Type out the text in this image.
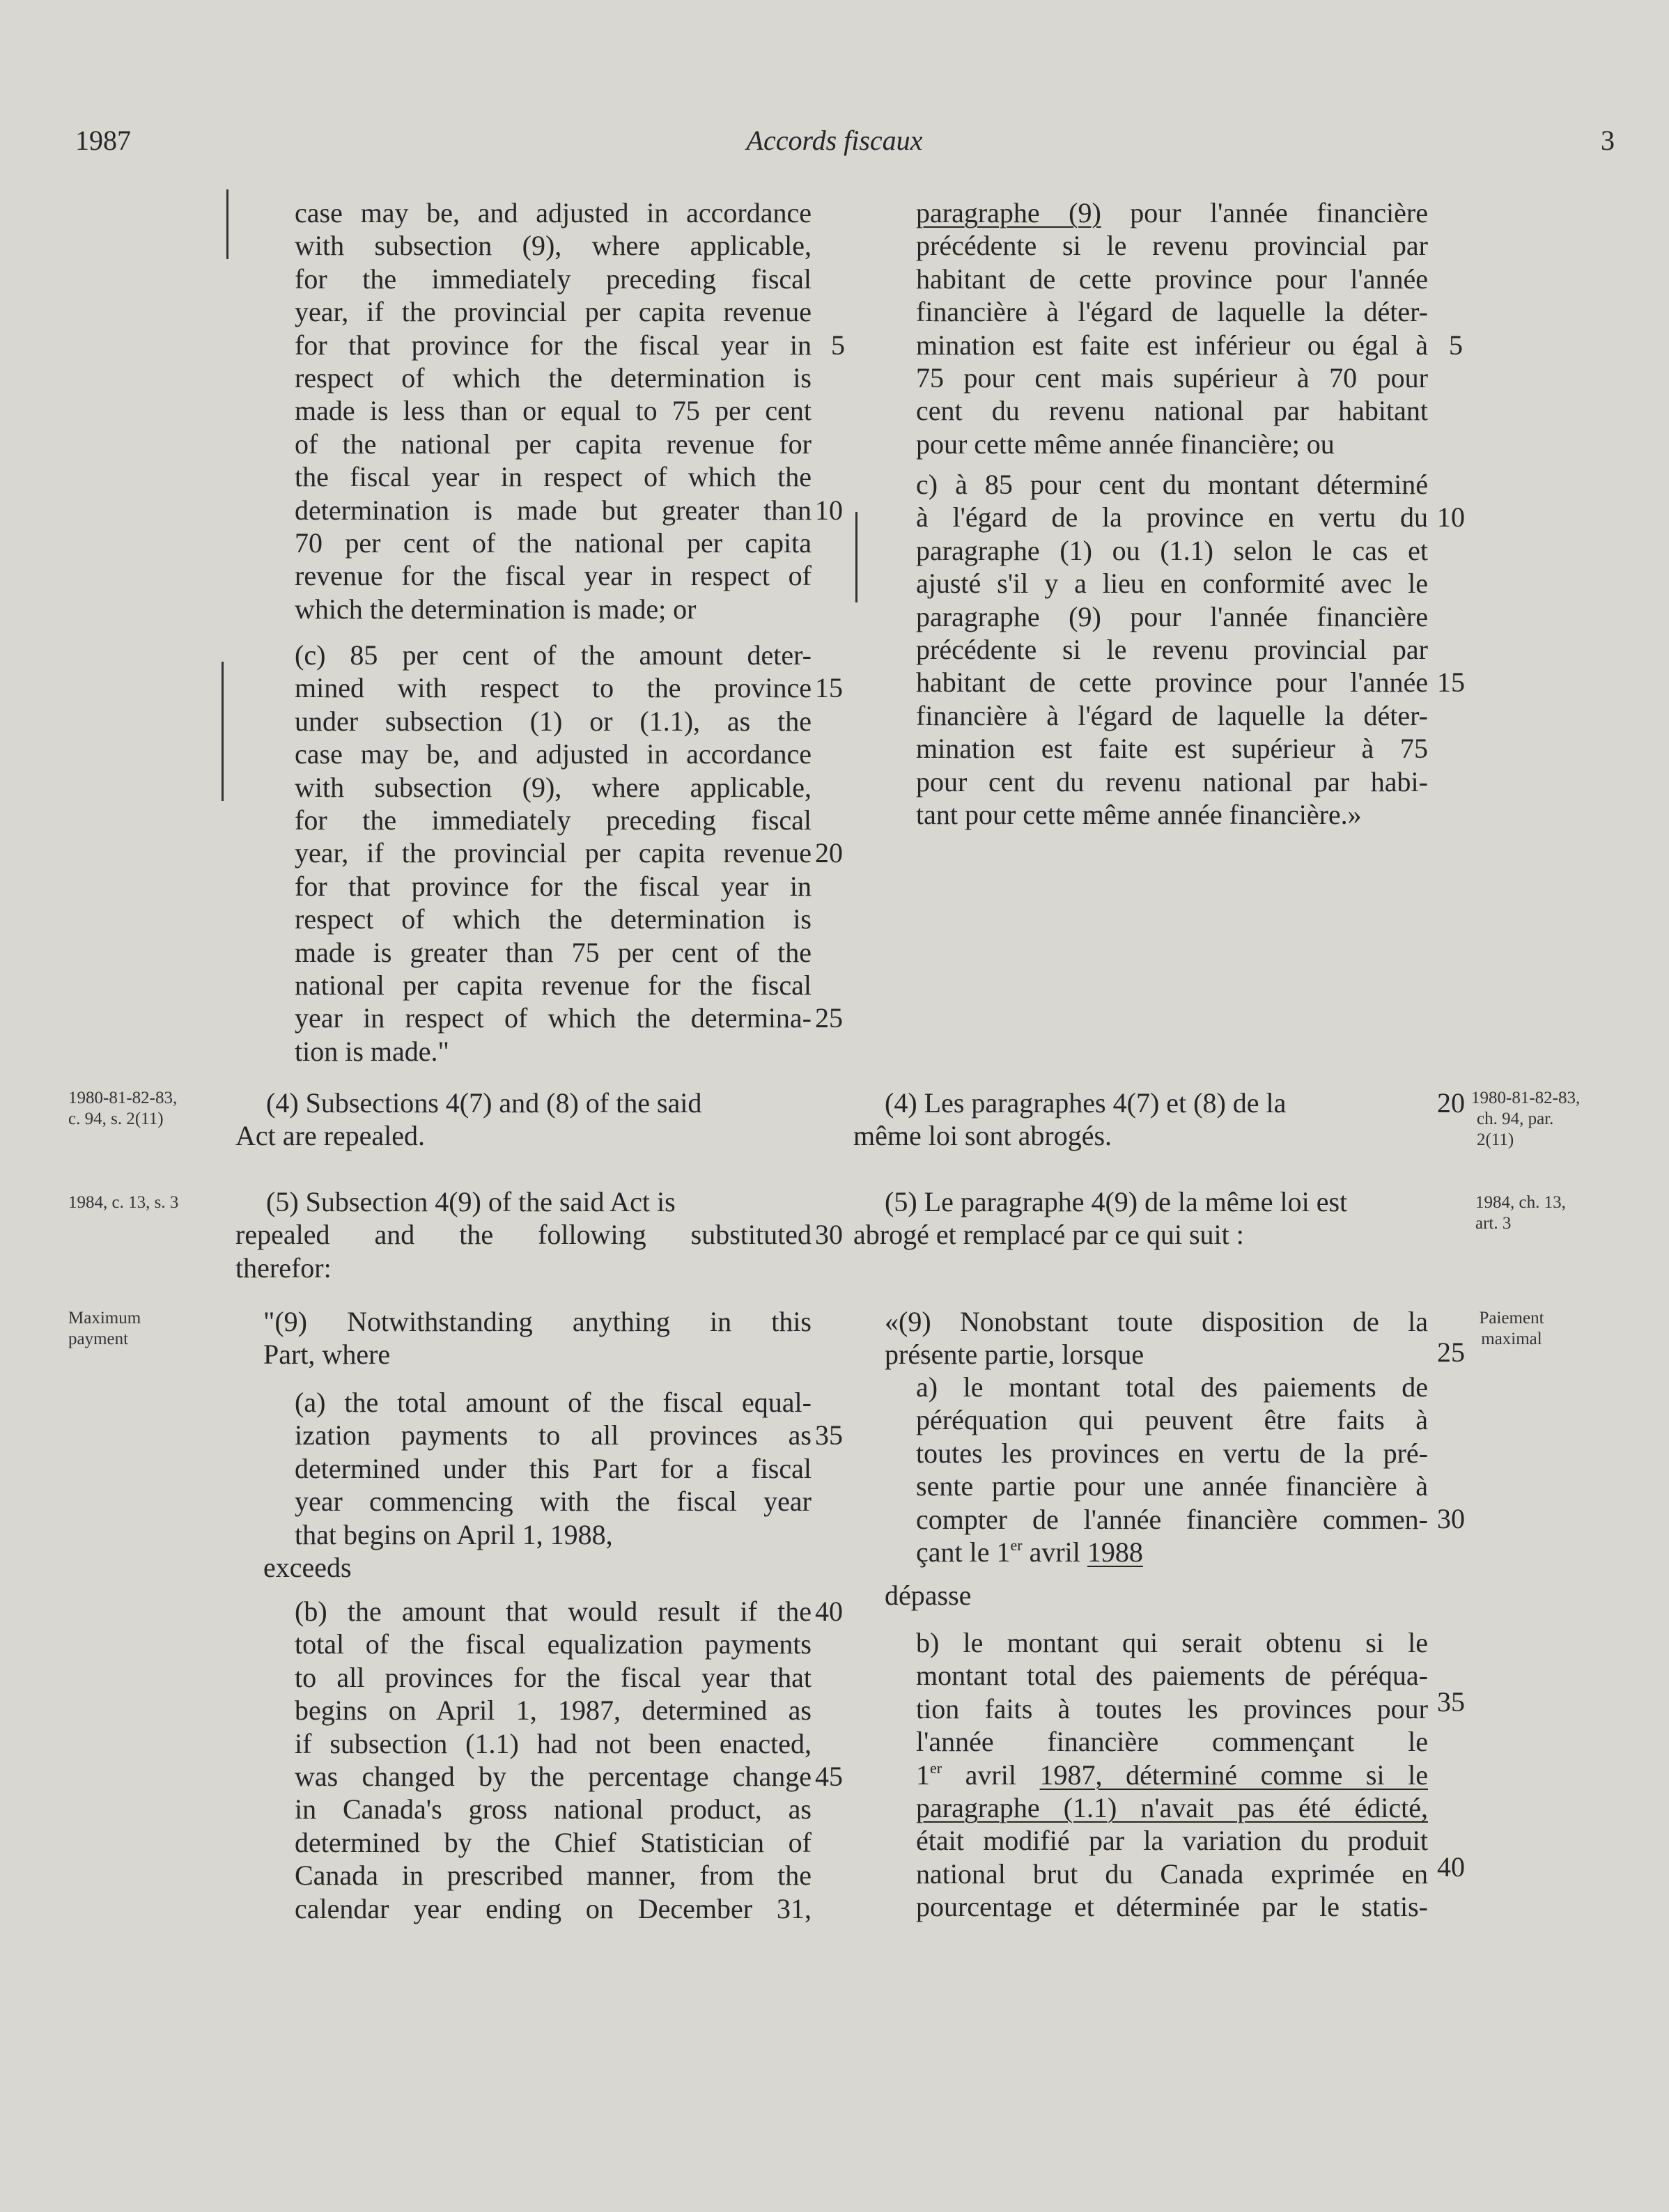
1987	Accords fiscaux	3
case may be, and adjusted in accordance
with subsection (9), where applicable,
for the immediately preceding fiscal
year, if the provincial per capita revenue
for that province for the fiscal year in
respect of which the determination is
made is less than or equal to 75 per cent
of the national per capita revenue for
the fiscal year in respect of which the
determination is made but greater than
70 per cent of the national per capita
revenue for the fiscal year in respect of
which the determination is made; or
(c) 85 per cent of the amount deter-
mined with respect to the province
under subsection (1) or (1.1), as the
case may be, and adjusted in accordance
with subsection (9), where applicable,
for the immediately preceding fiscal
year, if the provincial per capita revenue
for that province for the fiscal year in
respect of which the determination is
made is greater than 75 per cent of the
national per capita revenue for the fiscal
year in respect of which the determina-
tion is made."
(4) Subsections 4(7) and (8) of the said
Act are repealed.
(5) Subsection 4(9) of the said Act is
repealed and the following substituted
therefor:
"(9) Notwithstanding anything in this
Part, where
(a) the total amount of the fiscal equal-
ization payments to all provinces as
determined under this Part for a fiscal
year commencing with the fiscal year
that begins on April 1, 1988,
exceeds
(b) the amount that would result if the
total of the fiscal equalization payments
to all provinces for the fiscal year that
begins on April 1, 1987, determined as
if subsection (1.1) had not been enacted,
was changed by the percentage change
in Canada's gross national product, as
determined by the Chief Statistician of
Canada in prescribed manner, from the
calendar year ending on December 31,
5
10
15
20
25
30
35
40
45
1980-81-82-83,
c. 94, s. 2(11)
1984, c. 13, s. 3
Maximum
payment
paragraphe (9) pour l'année financière
précédente si le revenu provincial par
habitant de cette province pour l'année
financière à l'égard de laquelle la déter-
mination est faite est inférieur ou égal à
75 pour cent mais supérieur à 70 pour
cent du revenu national par habitant
pour cette même année financière; ou
c) à 85 pour cent du montant déterminé
à l'égard de la province en vertu du
paragraphe (1) ou (1.1) selon le cas et
ajusté s'il y a lieu en conformité avec le
paragraphe (9) pour l'année financière
précédente si le revenu provincial par
habitant de cette province pour l'année
financière à l'égard de laquelle la déter-
mination est faite est supérieur à 75
pour cent du revenu national par habi-
tant pour cette même année financière.»
(4) Les paragraphes 4(7) et (8) de la
même loi sont abrogés.
(5) Le paragraphe 4(9) de la même loi est
abrogé et remplacé par ce qui suit :
«(9) Nonobstant toute disposition de la
présente partie, lorsque
a) le montant total des paiements de
péréquation qui peuvent être faits à
toutes les provinces en vertu de la pré-
sente partie pour une année financière à
compter de l'année financière commen-
çant le 1er avril 1988
dépasse
b) le montant qui serait obtenu si le
montant total des paiements de péréqua-
tion faits à toutes les provinces pour
l'année financière commençant le
1er avril 1987, déterminé comme si le
paragraphe (1.1) n'avait pas été édicté,
était modifié par la variation du produit
national brut du Canada exprimée en
pourcentage et déterminée par le statis-
5
10
15
20
25
30
35
40
1980-81-82-83,
ch. 94, par.
2(11)
1984, ch. 13,
art. 3
Paiement
maximal
